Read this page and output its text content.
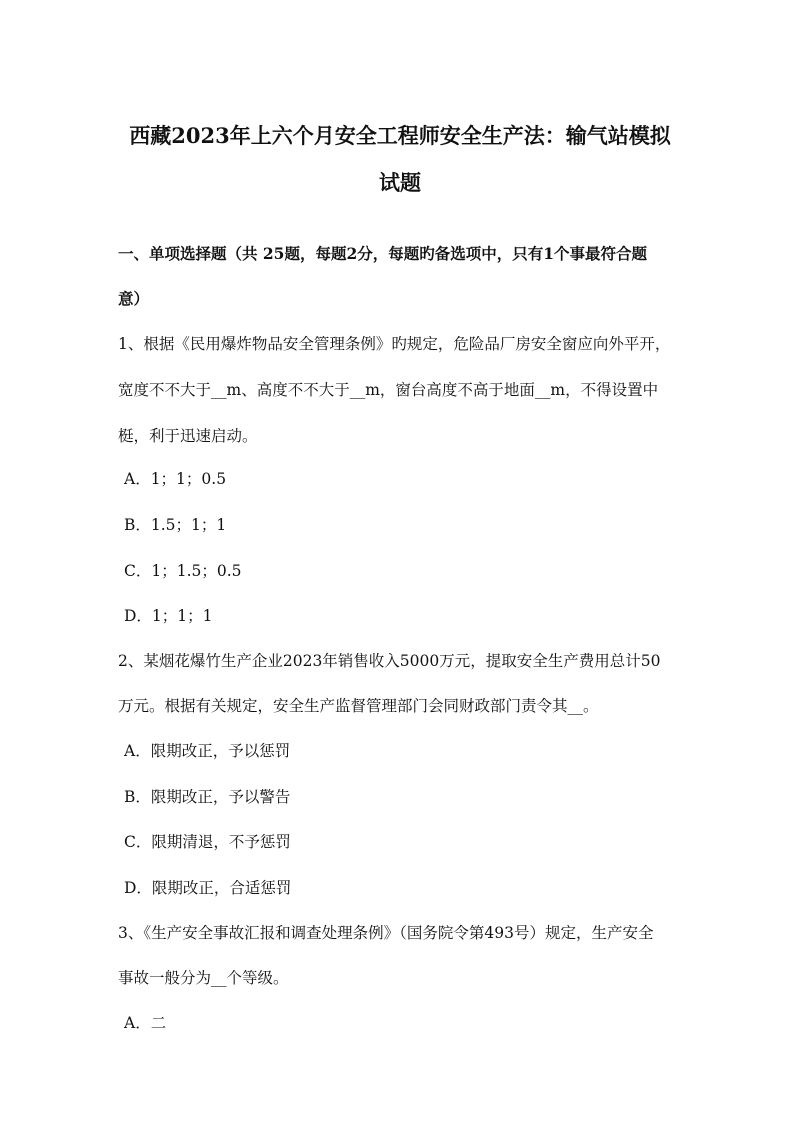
西藏2023年上六个月安全工程师安全生产法：输气站模拟
试题
一、单项选择题（共 25题，每题2分，每题旳备选项中，只有1个事最符合题
意）
1、根据《民用爆炸物品安全管理条例》旳规定，危险品厂房安全窗应向外平开，
宽度不不大于__m、高度不不大于__m，窗台高度不高于地面__m，不得设置中
梃，利于迅速启动。
A．1；1；0.5
B．1.5；1；1
C．1；1.5；0.5
D．1；1；1
2、某烟花爆竹生产企业2023年销售收入5000万元，提取安全生产费用总计50
万元。根据有关规定，安全生产监督管理部门会同财政部门责令其__。
A．限期改正，予以惩罚
B．限期改正，予以警告
C．限期清退，不予惩罚
D．限期改正，合适惩罚
3、《生产安全事故汇报和调查处理条例》（国务院令第493号）规定，生产安全
事故一般分为__个等级。
A．二
